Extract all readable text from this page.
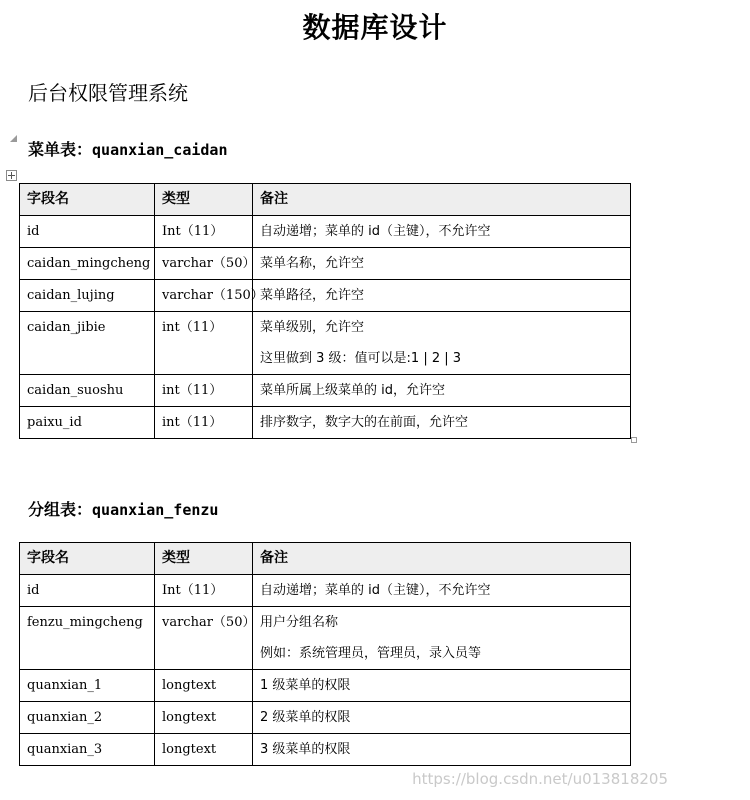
数据库设计
后台权限管理系统
菜单表：quanxian_caidan
字段名	类型	备注
id	Int（11）	自动递增；菜单的 id（主键），不允许空

caidan_mingcheng	varchar（50）	菜单名称，允许空

caidan_lujing	varchar（150）	菜单路径，允许空

caidan_jibie	int（11）	菜单级别，允许空
这里做到 3 级：值可以是:1 | 2 | 3

caidan_suoshu	int（11）	菜单所属上级菜单的 id，允许空

paixu_id	int（11）	排序数字，数字大的在前面，允许空
分组表：quanxian_fenzu
字段名	类型	备注
id	Int（11）	自动递增；菜单的 id（主键），不允许空

fenzu_mingcheng	varchar（50）	用户分组名称
例如：系统管理员，管理员，录入员等

quanxian_1	longtext	1 级菜单的权限

quanxian_2	longtext	2 级菜单的权限

quanxian_3	longtext	3 级菜单的权限
https://blog.csdn.net/u013818205
